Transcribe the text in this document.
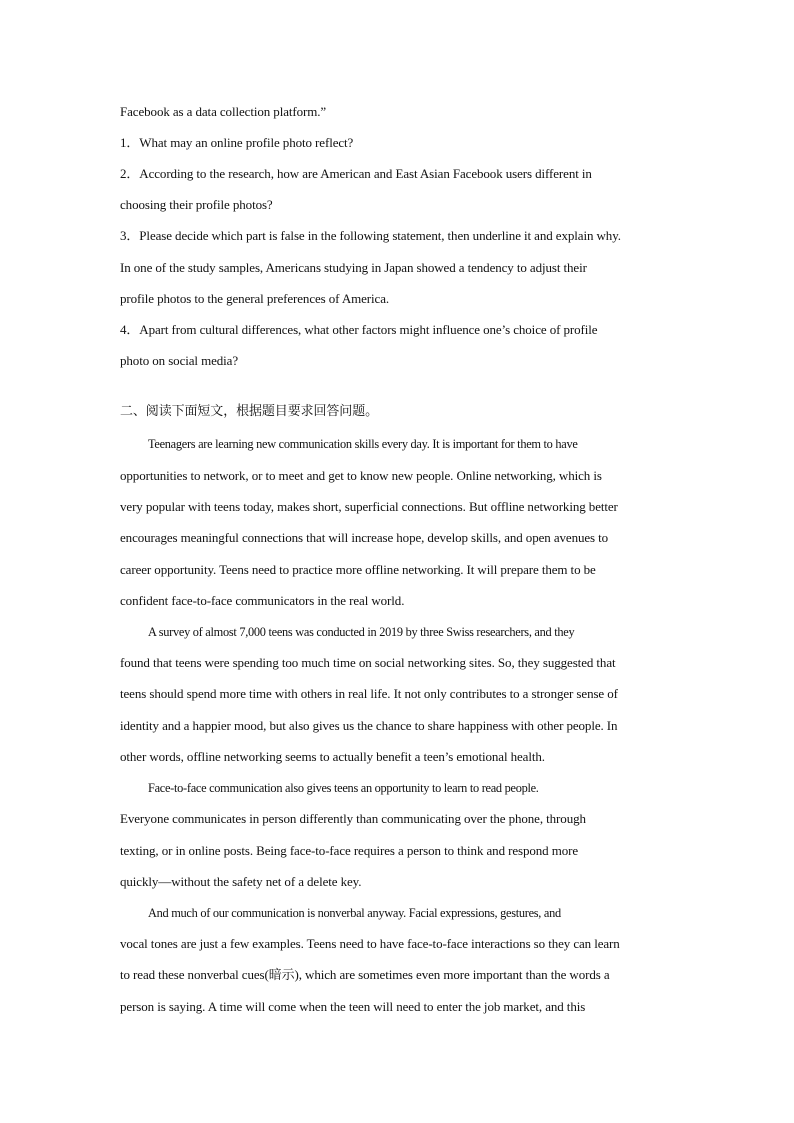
Facebook as a data collection platform.”
1．What may an online profile photo reflect?
2．According to the research, how are American and East Asian Facebook users different in
choosing their profile photos?
3．Please decide which part is false in the following statement, then underline it and explain why.
In one of the study samples, Americans studying in Japan showed a tendency to adjust their
profile photos to the general preferences of America.
4．Apart from cultural differences, what other factors might influence one’s choice of profile
photo on social media?
二、阅读下面短文，根据题目要求回答问题。
Teenagers are learning new communication skills every day. It is important for them to have
opportunities to network, or to meet and get to know new people. Online networking, which is
very popular with teens today, makes short, superficial connections. But offline networking better
encourages meaningful connections that will increase hope, develop skills, and open avenues to
career opportunity. Teens need to practice more offline networking. It will prepare them to be
confident face-to-face communicators in the real world.
A survey of almost 7,000 teens was conducted in 2019 by three Swiss researchers, and they
found that teens were spending too much time on social networking sites. So, they suggested that
teens should spend more time with others in real life. It not only contributes to a stronger sense of
identity and a happier mood, but also gives us the chance to share happiness with other people. In
other words, offline networking seems to actually benefit a teen’s emotional health.
Face-to-face communication also gives teens an opportunity to learn to read people.
Everyone communicates in person differently than communicating over the phone, through
texting, or in online posts. Being face-to-face requires a person to think and respond more
quickly—without the safety net of a delete key.
And much of our communication is nonverbal anyway. Facial expressions, gestures, and
vocal tones are just a few examples. Teens need to have face-to-face interactions so they can learn
to read these nonverbal cues(暗示), which are sometimes even more important than the words a
person is saying. A time will come when the teen will need to enter the job market, and this
